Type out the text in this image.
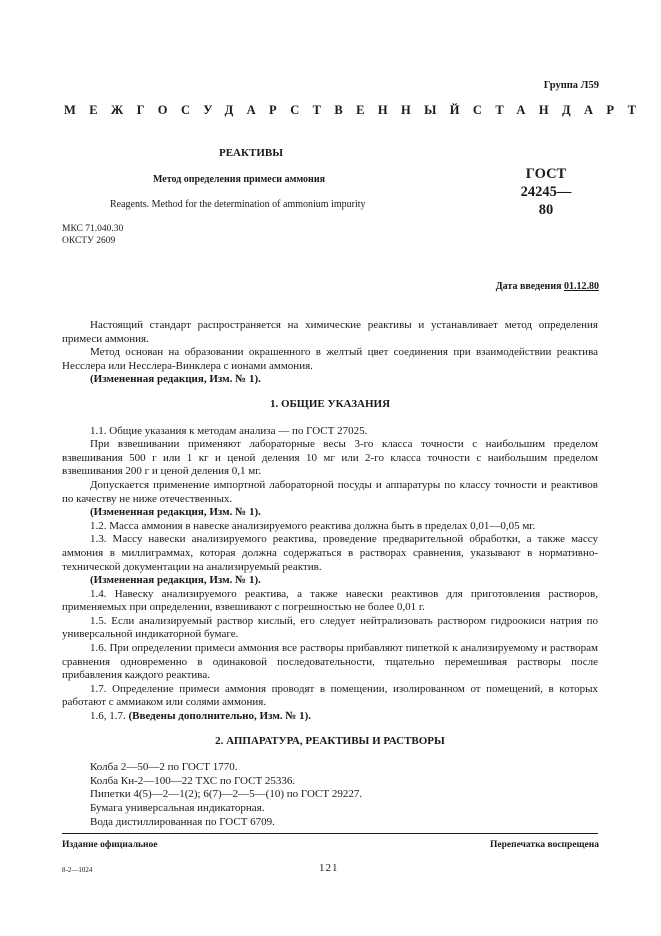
Группа Л59
МЕЖГОСУДАРСТВЕННЫЙ СТАНДАРТ
РЕАКТИВЫ
Метод определения примеси аммония	ГОСТ
24245—80
Reagents. Method for the determination of ammonium impurity
МКС 71.040.30
ОКСТУ 2609
Дата введения 01.12.80

Настоящий стандарт распространяется на химические реактивы и устанавливает метод определения примеси аммония.

Метод основан на образовании окрашенного в желтый цвет соединения при взаимодействии реактива Несслера или Несслера-Винклера с ионами аммония.

(Измененная редакция, Изм. № 1).

1. ОБЩИЕ УКАЗАНИЯ

1.1. Общие указания к методам анализа — по ГОСТ 27025.

При взвешивании применяют лабораторные весы 3-го класса точности с наибольшим пределом взвешивания 500 г или 1 кг и ценой деления 10 мг или 2-го класса точности с наибольшим пределом взвешивания 200 г и ценой деления 0,1 мг.

Допускается применение импортной лабораторной посуды и аппаратуры по классу точности и реактивов по качеству не ниже отечественных.

(Измененная редакция, Изм. № 1).

1.2. Масса аммония в навеске анализируемого реактива должна быть в пределах 0,01—0,05 мг.

1.3. Массу навески анализируемого реактива, проведение предварительной обработки, а также массу аммония в миллиграммах, которая должна содержаться в растворах сравнения, указывают в нормативно-технической документации на анализируемый реактив.

(Измененная редакция, Изм. № 1).

1.4. Навеску анализируемого реактива, а также навески реактивов для приготовления растворов, применяемых при определении, взвешивают с погрешностью не более 0,01 г.

1.5. Если анализируемый раствор кислый, его следует нейтрализовать раствором гидроокиси натрия по универсальной индикаторной бумаге.

1.6. При определении примеси аммония все растворы прибавляют пипеткой к анализируемому и растворам сравнения одновременно в одинаковой последовательности, тщательно перемешивая растворы после прибавления каждого реактива.

1.7. Определение примеси аммония проводят в помещении, изолированном от помещений, в которых работают с аммиаком или солями аммония.

1.6, 1.7. (Введены дополнительно, Изм. № 1).

2. АППАРАТУРА, РЕАКТИВЫ И РАСТВОРЫ

Колба 2—50—2 по ГОСТ 1770.

Колба Кн-2—100—22 ТХС по ГОСТ 25336.

Пипетки 4(5)—2—1(2); 6(7)—2—5—(10) по ГОСТ 29227.

Бумага универсальная индикаторная.

Вода дистиллированная по ГОСТ 6709.

Издание официальное	Перепечатка воспрещена
8-2—1024	121
